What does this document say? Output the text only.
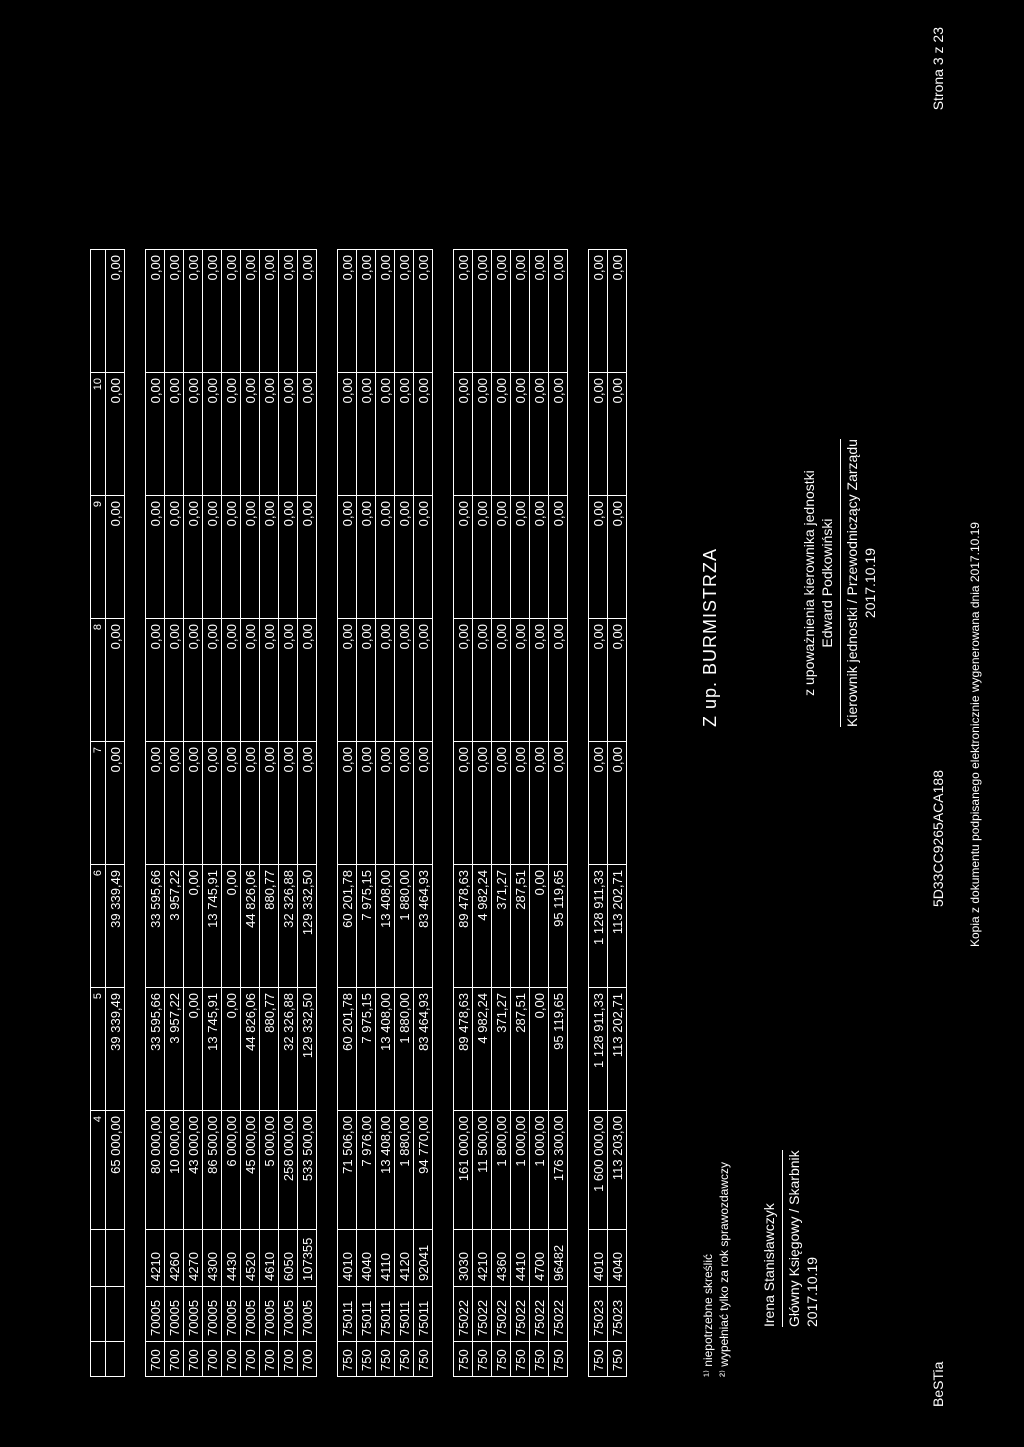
			4	5	6	7	8	9	10	
			65 000,00	39 339,49	39 339,49	0,00	0,00	0,00	0,00	0,00

700	70005	4210	80 000,00	33 595,66	33 595,66	0,00	0,00	0,00	0,00	0,00
700	70005	4260	10 000,00	3 957,22	3 957,22	0,00	0,00	0,00	0,00	0,00
700	70005	4270	43 000,00	0,00	0,00	0,00	0,00	0,00	0,00	0,00
700	70005	4300	86 500,00	13 745,91	13 745,91	0,00	0,00	0,00	0,00	0,00
700	70005	4430	6 000,00	0,00	0,00	0,00	0,00	0,00	0,00	0,00
700	70005	4520	45 000,00	44 826,06	44 826,06	0,00	0,00	0,00	0,00	0,00
700	70005	4610	5 000,00	880,77	880,77	0,00	0,00	0,00	0,00	0,00
700	70005	6050	258 000,00	32 326,88	32 326,88	0,00	0,00	0,00	0,00	0,00
700	70005	107355	533 500,00	129 332,50	129 332,50	0,00	0,00	0,00	0,00	0,00

750	75011	4010	71 506,00	60 201,78	60 201,78	0,00	0,00	0,00	0,00	0,00
750	75011	4040	7 976,00	7 975,15	7 975,15	0,00	0,00	0,00	0,00	0,00
750	75011	4110	13 408,00	13 408,00	13 408,00	0,00	0,00	0,00	0,00	0,00
750	75011	4120	1 880,00	1 880,00	1 880,00	0,00	0,00	0,00	0,00	0,00
750	75011	92041	94 770,00	83 464,93	83 464,93	0,00	0,00	0,00	0,00	0,00

750	75022	3030	161 000,00	89 478,63	89 478,63	0,00	0,00	0,00	0,00	0,00
750	75022	4210	11 500,00	4 982,24	4 982,24	0,00	0,00	0,00	0,00	0,00
750	75022	4360	1 800,00	371,27	371,27	0,00	0,00	0,00	0,00	0,00
750	75022	4410	1 000,00	287,51	287,51	0,00	0,00	0,00	0,00	0,00
750	75022	4700	1 000,00	0,00	0,00	0,00	0,00	0,00	0,00	0,00
750	75022	96482	176 300,00	95 119,65	95 119,65	0,00	0,00	0,00	0,00	0,00

750	75023	4010	1 600 000,00	1 128 911,33	1 128 911,33	0,00	0,00	0,00	0,00	0,00
750	75023	4040	113 203,00	113 202,71	113 202,71	0,00	0,00	0,00	0,00	0,00
¹⁾ niepotrzebne skreślić ²⁾ wypełniać tylko za rok sprawozdawczy Irena Stanisławczyk Główny Księgowy / Skarbnik 2017.10.19
Z up. BURMISTRZA	z upoważnienia kierownika jednostki Edward Podkowiński Kierownik jednostki / Przewodniczący Zarządu 2017.10.19
BeSTia
5D33CC9265ACA188
Strona 3 z 23
Kopia z dokumentu podpisanego elektronicznie wygenerowana dnia 2017.10.19
